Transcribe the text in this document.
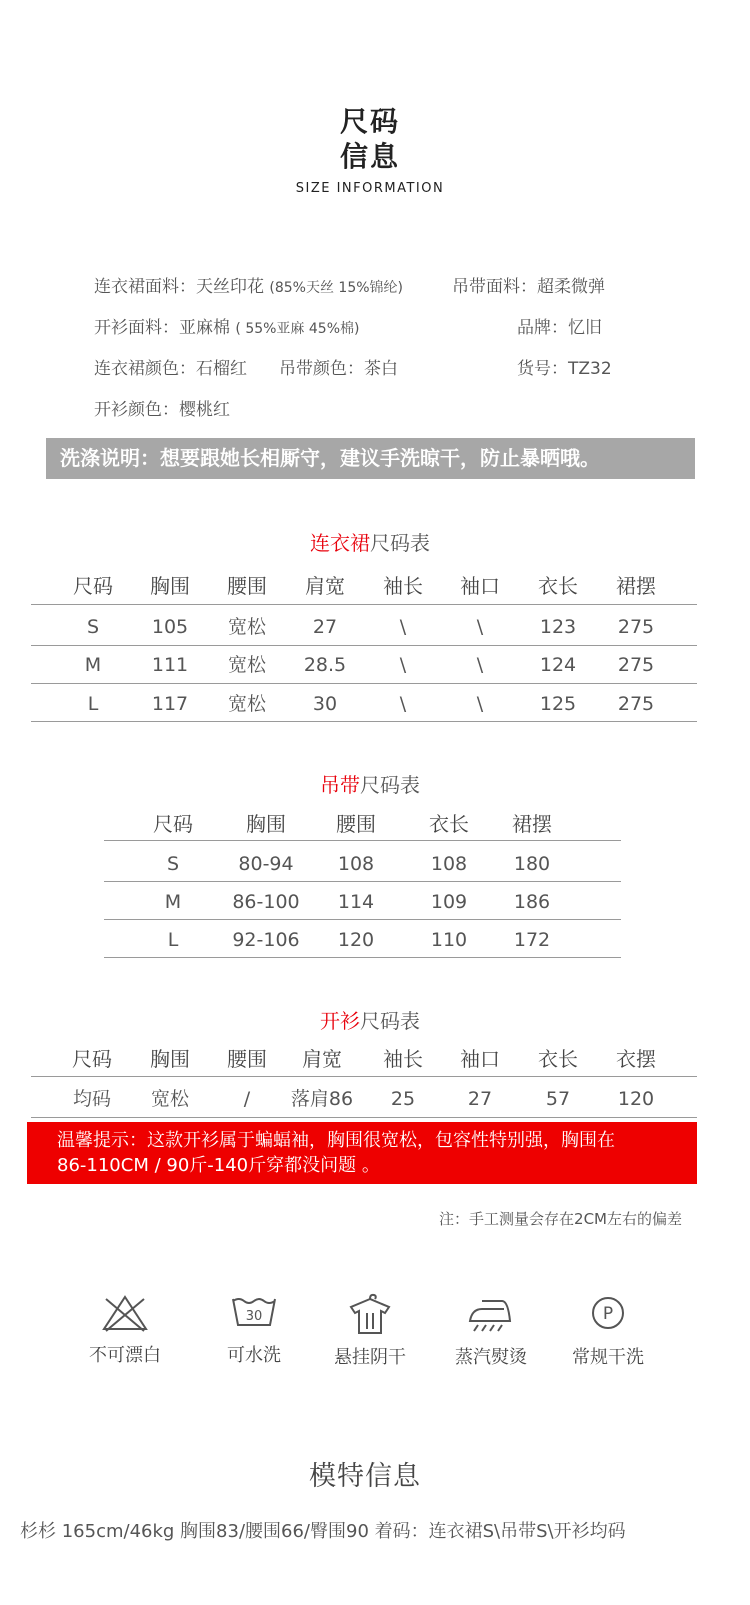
尺码
信息
SIZE INFORMATION
连衣裙面料：天丝印花 (85%天丝 15%锦纶)	吊带面料：超柔微弹
开衫面料：亚麻棉 ( 55%亚麻 45%棉)	品牌：忆旧
连衣裙颜色：石榴红 吊带颜色：茶白	货号：TZ32
开衫颜色：樱桃红
洗涤说明：想要跟她长相厮守，建议手洗晾干，防止暴晒哦。
连衣裙尺码表
尺码	胸围	腰围	肩宽	袖长	袖口	衣长	裙摆
S	105	宽松	27	\	\	123	275
M	111	宽松	28.5	\	\	124	275
L	117	宽松	30	\	\	125	275
吊带尺码表
尺码	胸围	腰围	衣长	裙摆
S	80-94	108	108	180
M	86-100	114	109	186
L	92-106	120	110	172
开衫尺码表
尺码	胸围	腰围	肩宽	袖长	袖口	衣长	衣摆
均码	宽松	/	落肩86	25	27	57	120
温馨提示：这款开衫属于蝙蝠袖，胸围很宽松，包容性特别强，胸围在
86-110CM / 90斤-140斤穿都没问题 。
注：手工测量会存在2CM左右的偏差
不可漂白
30
可水洗	悬挂阴干	蒸汽熨烫
P
常规干洗
模特信息
杉杉 165cm/46kg 胸围83/腰围66/臀围90 着码：连衣裙S\吊带S\开衫均码
